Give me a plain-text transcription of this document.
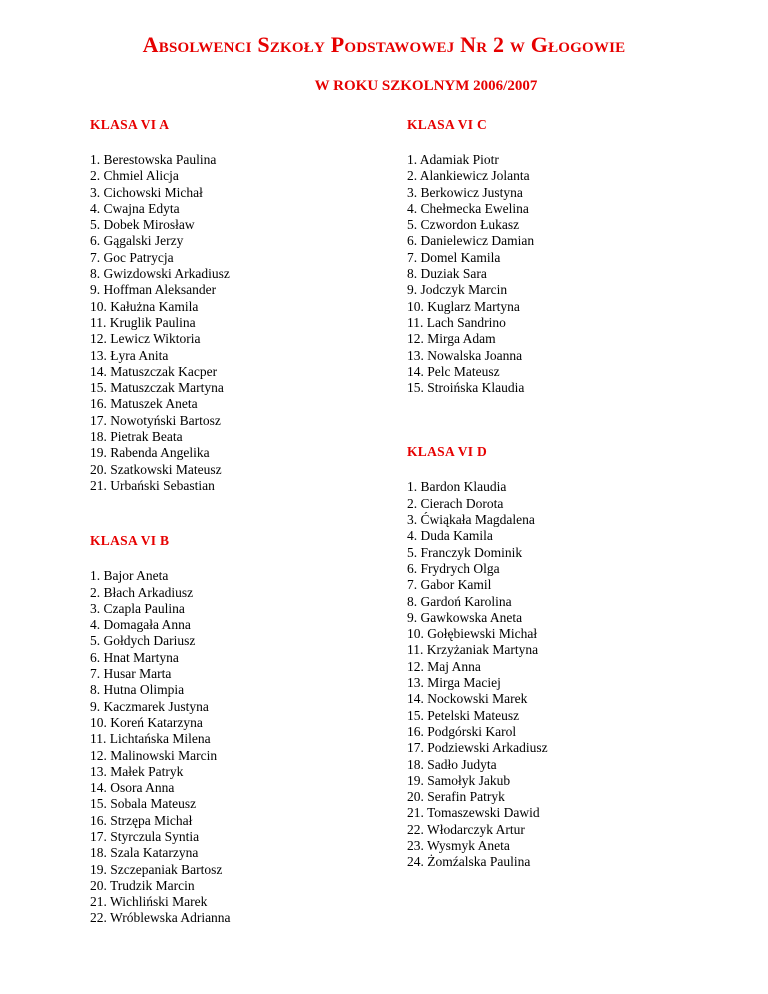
Absolwenci Szkoły Podstawowej Nr 2 w Głogowie
W ROKU SZKOLNYM 2006/2007
KLASA VI A
1. Berestowska Paulina
2. Chmiel Alicja
3. Cichowski Michał
4. Cwajna Edyta
5. Dobek Mirosław
6. Gągalski Jerzy
7. Goc Patrycja
8. Gwizdowski Arkadiusz
9. Hoffman Aleksander
10. Kałużna Kamila
11. Kruglik Paulina
12. Lewicz Wiktoria
13. Łyra Anita
14. Matuszczak Kacper
15. Matuszczak Martyna
16. Matuszek Aneta
17. Nowotyński Bartosz
18. Pietrak Beata
19. Rabenda Angelika
20. Szatkowski Mateusz
21. Urbański Sebastian
KLASA VI B
1. Bajor Aneta
2. Błach Arkadiusz
3. Czapla Paulina
4. Domagała Anna
5. Gołdych Dariusz
6. Hnat Martyna
7. Husar Marta
8. Hutna Olimpia
9. Kaczmarek Justyna
10. Koreń Katarzyna
11. Lichtańska Milena
12. Malinowski Marcin
13. Małek Patryk
14. Osora Anna
15. Sobala Mateusz
16. Strzępa Michał
17. Styrczula Syntia
18. Szala Katarzyna
19. Szczepaniak Bartosz
20. Trudzik Marcin
21. Wichliński Marek
22. Wróblewska Adrianna
KLASA VI C
1. Adamiak Piotr
2. Alankiewicz Jolanta
3. Berkowicz Justyna
4. Chełmecka Ewelina
5. Czwordon Łukasz
6. Danielewicz Damian
7. Domel Kamila
8. Duziak Sara
9. Jodczyk Marcin
10. Kuglarz Martyna
11. Lach Sandrino
12. Mirga Adam
13. Nowalska Joanna
14. Pelc Mateusz
15. Stroińska Klaudia
KLASA VI D
1. Bardon Klaudia
2. Cierach Dorota
3. Ćwiąkała Magdalena
4. Duda Kamila
5. Franczyk Dominik
6. Frydrych Olga
7. Gabor Kamil
8. Gardoń Karolina
9. Gawkowska Aneta
10. Gołębiewski Michał
11. Krzyżaniak Martyna
12. Maj Anna
13. Mirga Maciej
14. Nockowski Marek
15. Petelski Mateusz
16. Podgórski Karol
17. Podziewski Arkadiusz
18. Sadło Judyta
19. Samołyk Jakub
20. Serafin Patryk
21. Tomaszewski Dawid
22. Włodarczyk Artur
23. Wysmyk Aneta
24. Żomźalska Paulina
